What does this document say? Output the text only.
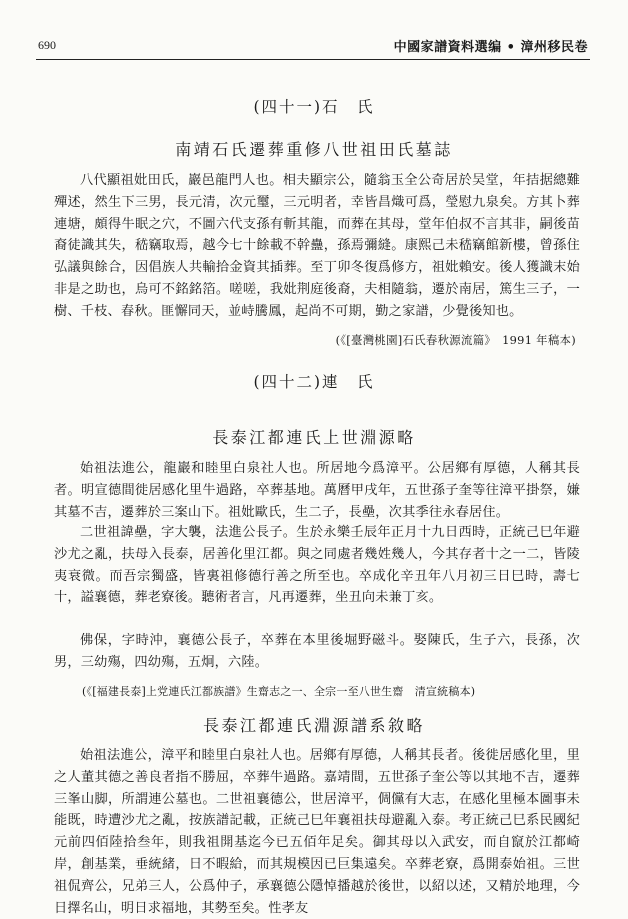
690	中國家譜資料選编 • 漳州移民卷
(四十一)石　氏
南靖石氏遷葬重修八世祖田氏墓誌
八代顯祖妣田氏，巖邑龍門人也。相夫顯宗公，隨翁玉全公奇居於吴堂，年拮据總難殫述，然生下三男，長元清，次元璽，三元明者，幸皆昌熾可爲，瑩慰九泉矣。方其卜葬連塘，頗得牛眠之穴，不圖六代支孫有斬其龍，而葬在其母，堂年伯叔不言其非，嗣後苗裔徒識其失，嵇竊取焉，越今七十餘載不幹蠱，孫焉彌縫。康熙己未嵇竊館新樓，曾孫住弘議與餘合，因倡族人共輸拾金資其插葬。至丁卯冬復爲修方，祖妣賴安。後人獲識末始非是之助也，烏可不銘銘箔。嗟嗟，我妣荆庭後裔，夫相隨翁，遷於南居，篤生三子，一樹、千枝、春秋。匪懈同天，並峙騰鳳，起尚不可期，勤之家譜，少覺後知也。
(《[臺灣桃園]石氏春秋源流篇》　1991 年稿本)
(四十二)連　氏
長泰江都連氏上世淵源略
始祖法進公，龍巖和睦里白泉社人也。所居地今爲漳平。公居鄉有厚德，人稱其長者。明宣德間徙居感化里牛過路，卒葬基地。萬曆甲戌年，五世孫子奎等往漳平掛祭，嫌其墓不吉，遷葬於三案山下。祖妣歐氏，生二子，長壘，次其季往永春居住。
二世祖諱壘，字大襲，法進公長子。生於永樂壬辰年正月十九日西時，正統己巳年避沙尤之亂，扶母入長泰，居善化里江都。與之同處者幾姓幾人，今其存者十之一二，皆陵夷衰微。而吾宗獨盛，皆裏祖修德行善之所至也。卒成化辛丑年八月初三日巳時，壽七十，謚襄德，葬老寮後。聽術者言，凡再遷葬，坐丑向未兼丁亥。
佛保，字時沖，襄德公長子，卒葬在本里後堀野磁斗。娶陳氏，生子六，長孫，次男，三幼殤，四幼殤，五炯，六陸。
(《[福建長泰]上党連氏江都族譜》生齋志之一、全宗一至八世生齋　清宣統稿本)
長泰江都連氏淵源譜系敘略
始祖法進公，漳平和睦里白泉社人也。居鄉有厚德，人稱其長者。後徙居感化里，里之人董其德之善良者指不勝屈，卒葬牛過路。嘉靖間，五世孫子奎公等以其地不吉，遷葬三峯山脚，所謂連公墓也。二世祖襄德公，世居漳平，倜儻有大志，在感化里極本圖事未能既，時遭沙尤之亂，按族譜記載，正統己巳年襄祖扶母避亂入泰。考正統己巳系民國紀元前四佰陸拾叁年，則我祖開基迄今已五佰年足矣。御其母以入武安，而自竄於江都崎岸，創基業，垂統緒，日不暇給，而其規模因已巨集遠矣。卒葬老寮，爲開泰始祖。三世祖侃齊公，兄弟三人，公爲仲子，承襄德公隱悼播越於後世，以紹以述，又精於地理，今日擇名山，明日求福地，其勢至矣。性孝友
